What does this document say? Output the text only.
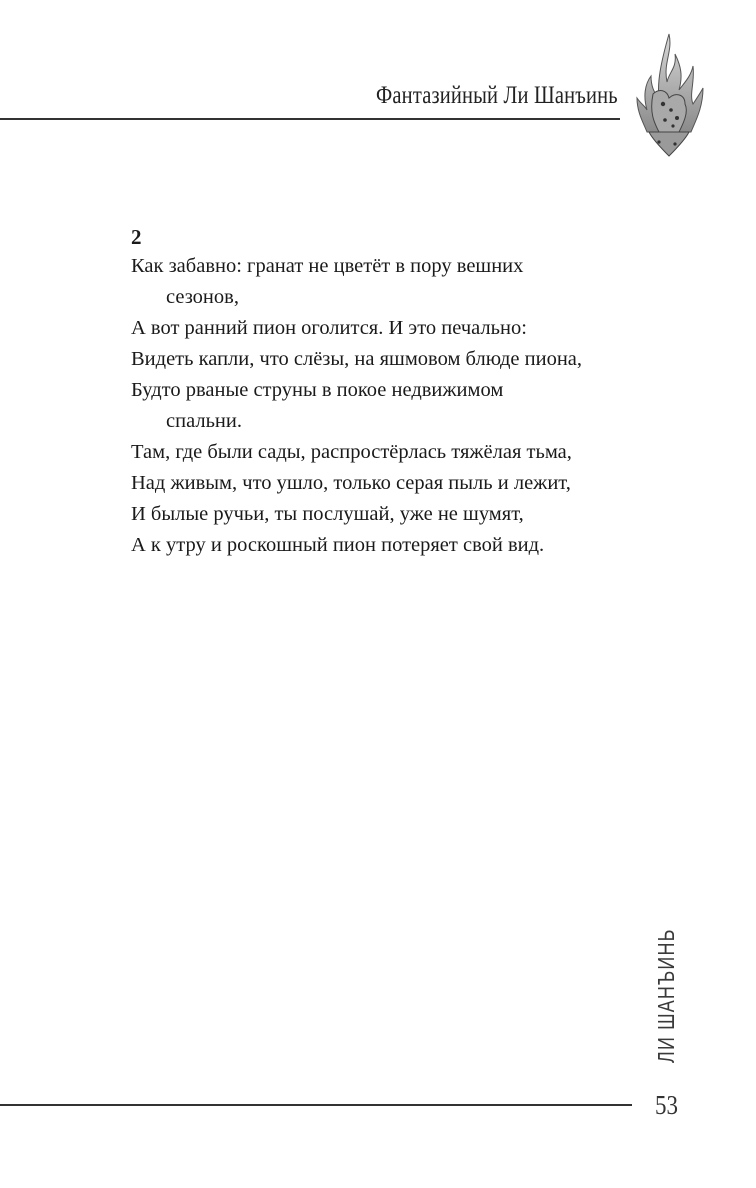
Фантазийный Ли Шанъинь
2
Как забавно: гранат не цветёт в пору вешних
сезонов,
А вот ранний пион оголится. И это печально:
Видеть капли, что слёзы, на яшмовом блюде пиона,
Будто рваные струны в покое недвижимом
спальни.
Там, где были сады, распростёрлась тяжёлая тьма,
Над живым, что ушло, только серая пыль и лежит,
И былые ручьи, ты послушай, уже не шумят,
А к утру и роскошный пион потеряет свой вид.
ЛИ ШАНЪИНЬ
53
